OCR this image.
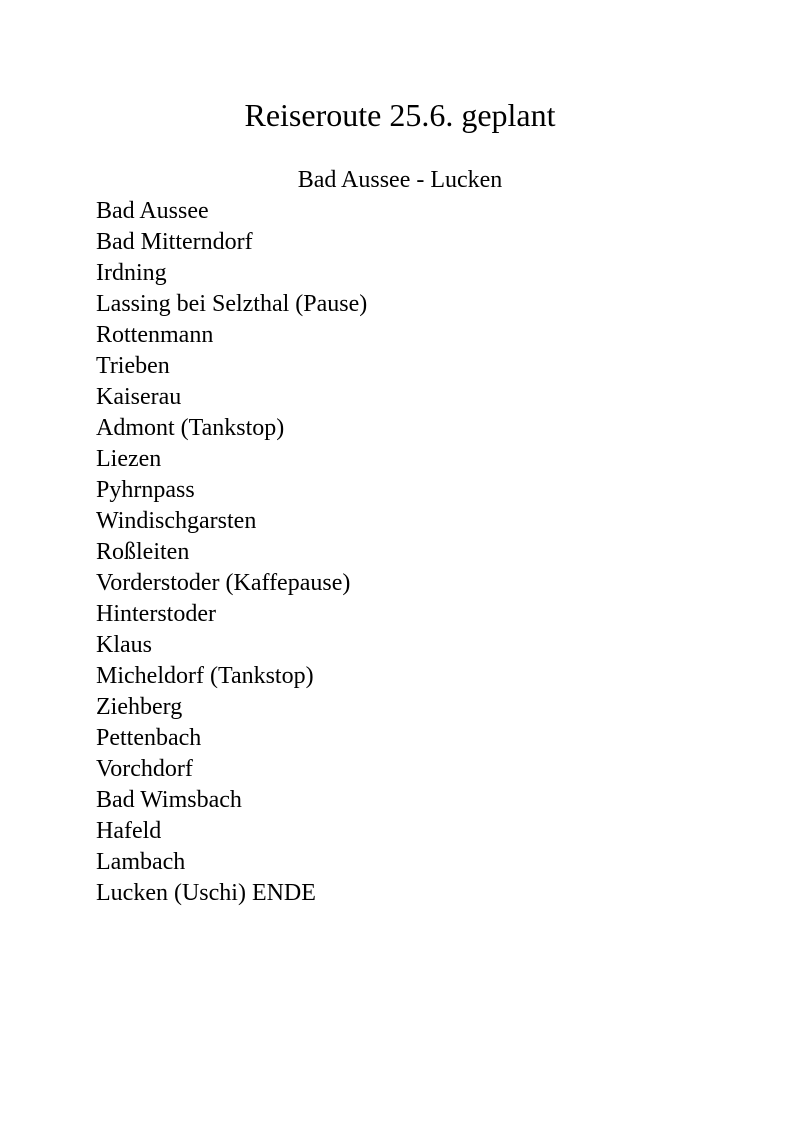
Reiseroute 25.6. geplant
Bad Aussee - Lucken
Bad Aussee
Bad Mitterndorf
Irdning
Lassing bei Selzthal (Pause)
Rottenmann
Trieben
Kaiserau
Admont (Tankstop)
Liezen
Pyhrnpass
Windischgarsten
Roßleiten
Vorderstoder (Kaffepause)
Hinterstoder
Klaus
Micheldorf (Tankstop)
Ziehberg
Pettenbach
Vorchdorf
Bad Wimsbach
Hafeld
Lambach
Lucken (Uschi) ENDE
